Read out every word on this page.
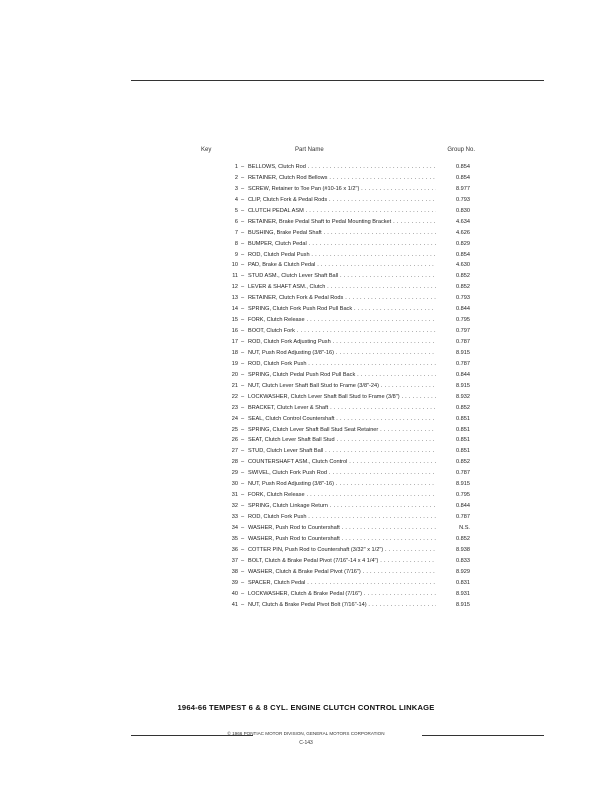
Key	Part Name	Group No.
1 – BELLOWS, Clutch Rod . . .	0.854
2 – RETAINER, Clutch Rod Bellows . . .	0.854
3 – SCREW, Retainer to Toe Pan (#10-16 x 1/2") . . .	8.977
4 – CLIP, Clutch Fork & Pedal Rods . . .	0.793
5 – CLUTCH PEDAL ASM . . .	0.830
6 – RETAINER, Brake Pedal Shaft to Pedal Mounting Bracket . . .	4.634
7 – BUSHING, Brake Pedal Shaft . . .	4.626
8 – BUMPER, Clutch Pedal . . .	0.829
9 – ROD, Clutch Pedal Push . . .	0.854
10 – PAD, Brake & Clutch Pedal . . .	4.630
11 – STUD ASM., Clutch Lever Shaft Ball . . .	0.852
12 – LEVER & SHAFT ASM., Clutch . . .	0.852
13 – RETAINER, Clutch Fork & Pedal Rods . . .	0.793
14 – SPRING, Clutch Fork Push Rod Pull Back . . .	0.844
15 – FORK, Clutch Release . . .	0.795
16 – BOOT, Clutch Fork . . .	0.797
17 – ROD, Clutch Fork Adjusting Push . . .	0.787
18 – NUT, Push Rod Adjusting (3/8"-16) . . .	8.915
19 – ROD, Clutch Fork Push . . .	0.787
20 – SPRING, Clutch Pedal Push Rod Pull Back . . .	0.844
21 – NUT, Clutch Lever Shaft Ball Stud to Frame (3/8"-24) . . .	8.915
22 – LOCKWASHER, Clutch Lever Shaft Ball Stud to Frame (3/8") . . .	8.932
23 – BRACKET, Clutch Lever & Shaft . . .	0.852
24 – SEAL, Clutch Control Countershaft . . .	0.851
25 – SPRING, Clutch Lever Shaft Ball Stud Seat Retainer . . .	0.851
26 – SEAT, Clutch Lever Shaft Ball Stud . . .	0.851
27 – STUD, Clutch Lever Shaft Ball . . .	0.851
28 – COUNTERSHAFT ASM., Clutch Control . . .	0.852
29 – SWIVEL, Clutch Fork Push Rod . . .	0.787
30 – NUT, Push Rod Adjusting (3/8"-16) . . .	8.915
31 – FORK, Clutch Release . . .	0.795
32 – SPRING, Clutch Linkage Return . . .	0.844
33 – ROD, Clutch Fork Push . . .	0.787
34 – WASHER, Push Rod to Countershaft . . .	N.S.
35 – WASHER, Push Rod to Countershaft . . .	0.852
36 – COTTER PIN, Push Rod to Countershaft (3/32" x 1/2") . . .	8.938
37 – BOLT, Clutch & Brake Pedal Pivot (7/16"-14 x 4 1/4") . . .	0.833
38 – WASHER, Clutch & Brake Pedal Pivot (7/16") . . .	8.929
39 – SPACER, Clutch Pedal . . .	0.831
40 – LOCKWASHER, Clutch & Brake Pedal (7/16") . . .	8.931
41 – NUT, Clutch & Brake Pedal Pivot Bolt (7/16"-14) . . .	8.915
1964-66 TEMPEST 6 & 8 CYL. ENGINE CLUTCH CONTROL LINKAGE
© 1966 PONTIAC MOTOR DIVISION, GENERAL MOTORS CORPORATION
C-143
